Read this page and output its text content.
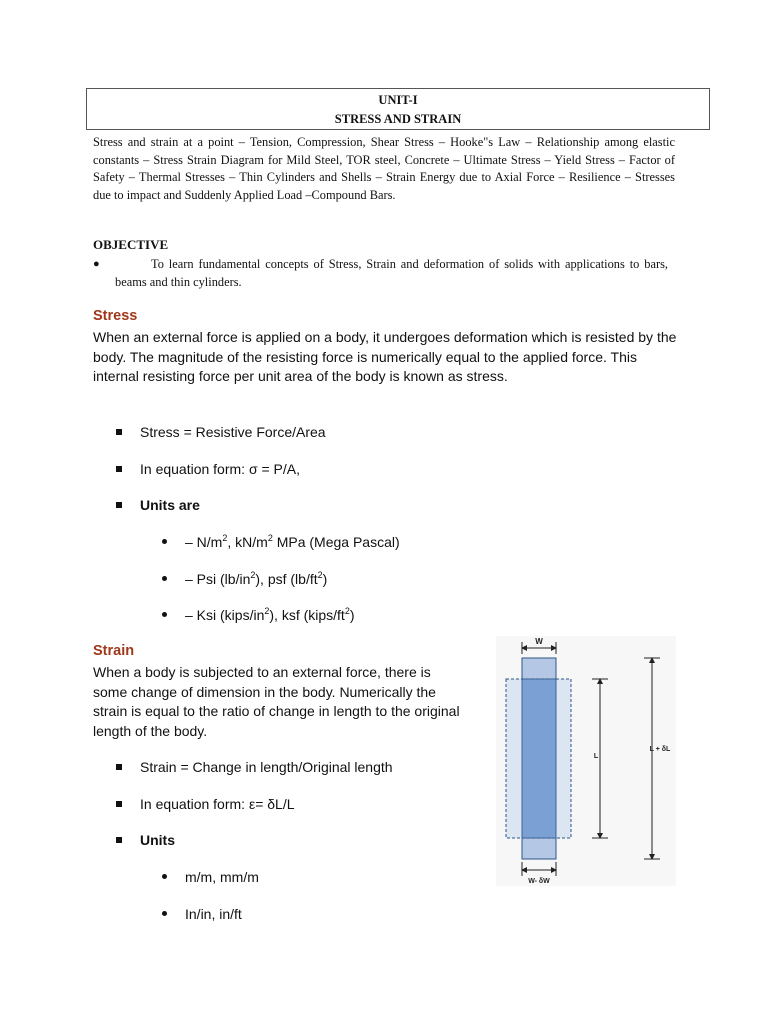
UNIT-I
STRESS AND STRAIN
Stress and strain at a point – Tension, Compression, Shear Stress – Hooke"s Law – Relationship among elastic constants – Stress Strain Diagram for Mild Steel, TOR steel, Concrete – Ultimate Stress – Yield Stress – Factor of Safety – Thermal Stresses – Thin Cylinders and Shells – Strain Energy due to Axial Force – Resilience – Stresses due to impact and Suddenly Applied Load –Compound Bars.
OBJECTIVE
●	To learn fundamental concepts of Stress, Strain and deformation of solids with applications to bars, beams and thin cylinders.
Stress
When an external force is applied on a body, it undergoes deformation which is resisted by the body. The magnitude of the resisting force is numerically equal to the applied force. This internal resisting force per unit area of the body is known as stress.
Stress = Resistive Force/Area
In equation form: σ = P/A,
Units are
– $N/m^2$, $kN/m^2$ MPa (Mega Pascal)
– Psi $(lb/in^2)$, psf $(lb/ft^2)$
– Ksi $(kips/in^2)$, ksf $(kips/ft^2)$
Strain
When a body is subjected to an external force, there is
some change of dimension in the body. Numerically the
strain is equal to the ratio of change in length to the original
length of the body.
Strain = Change in length/Original length
In equation form: ε= δL/L
Units
m/m, mm/m
In/in, in/ft
W
L
L + δL
W- δW
